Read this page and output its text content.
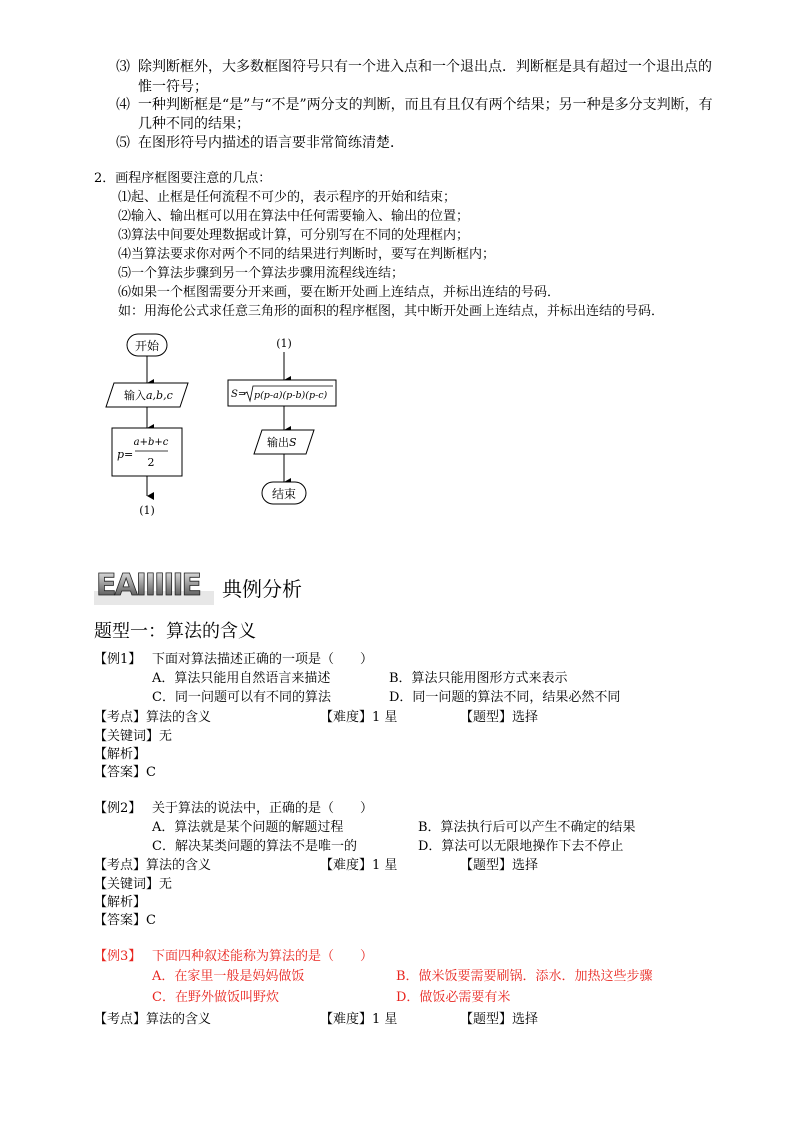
⑶ 除判断框外，大多数框图符号只有一个进入点和一个退出点．判断框是具有超过一个退出点的
惟一符号；
⑷ 一种判断框是“是”与“不是”两分支的判断，而且有且仅有两个结果；另一种是多分支判断，有
几种不同的结果；
⑸ 在图形符号内描述的语言要非常简练清楚．
2．画程序框图要注意的几点：
⑴起、止框是任何流程不可少的，表示程序的开始和结束；
⑵输入、输出框可以用在算法中任何需要输入、输出的位置；
⑶算法中间要处理数据或计算，可分别写在不同的处理框内；
⑷当算法要求你对两个不同的结果进行判断时，要写在判断框内；
⑸一个算法步骤到另一个算法步骤用流程线连结；
⑹如果一个框图需要分开来画，要在断开处画上连结点，并标出连结的号码．
如：用海伦公式求任意三角形的面积的程序框图，其中断开处画上连结点，并标出连结的号码．
开始
输入a,b,c
p=
a+b+c
2
(1)
(1)
S= p(p-a)(p-b)(p-c)
输出S
结束
EAIIIIIE 典例分析
题型一：算法的含义
【例1】 下面对算法描述正确的一项是（　　）
A．算法只能用自然语言来描述	B．算法只能用图形方式来表示
C．同一问题可以有不同的算法	D．同一问题的算法不同，结果必然不同
【考点】算法的含义	【难度】1 星	【题型】选择
【关键词】无
【解析】
【答案】C
【例2】 关于算法的说法中，正确的是（　　）
A．算法就是某个问题的解题过程	B．算法执行后可以产生不确定的结果
C．解决某类问题的算法不是唯一的	D．算法可以无限地操作下去不停止
【考点】算法的含义	【难度】1 星	【题型】选择
【关键词】无
【解析】
【答案】C
【例3】 下面四种叙述能称为算法的是（　　）
A．在家里一般是妈妈做饭	B．做米饭要需要刷锅．添水．加热这些步骤
C．在野外做饭叫野炊	D．做饭必需要有米
【考点】算法的含义	【难度】1 星	【题型】选择
